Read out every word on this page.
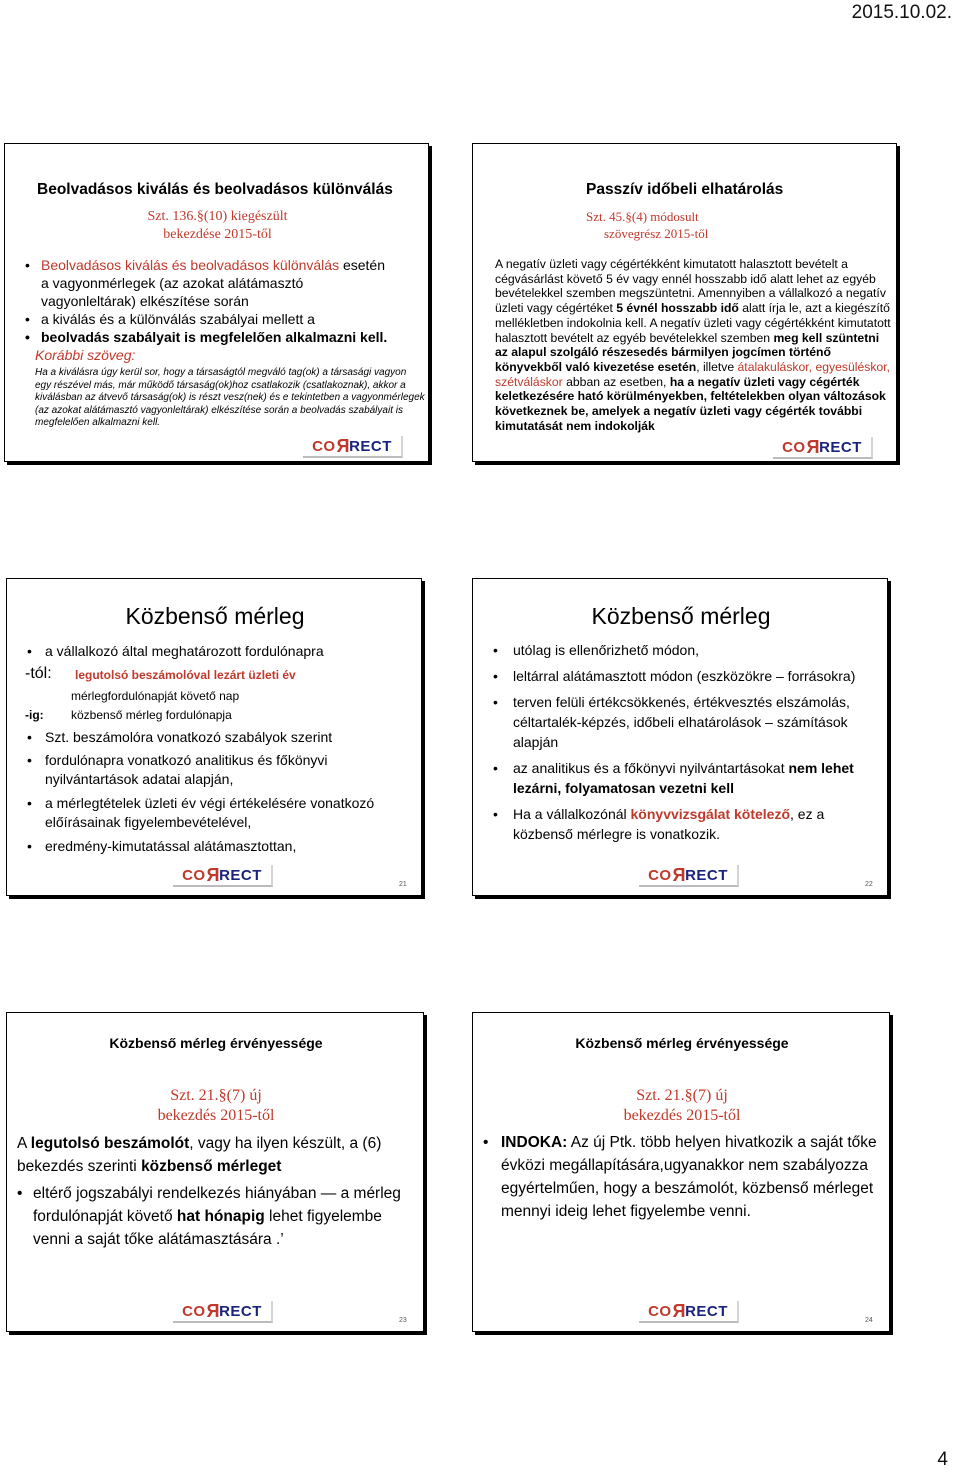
2015.10.02.
Beolvadásos kiválás és beolvadásos különválás
Szt. 136.§(10) kiegészült
bekezdése 2015-től
• Beolvadásos kiválás és beolvadásos különválás esetén
a vagyonmérlegek (az azokat alátámasztó
vagyonleltárak) elkészítése során
• a kiválás és a különválás szabályai mellett a
• beolvadás szabályait is megfelelően alkalmazni kell.
Korábbi szöveg:
Ha a kiválásra úgy kerül sor, hogy a társaságtól megváló tag(ok) a társasági vagyon egy részével más, már működő társaság(ok)hoz csatlakozik (csatlakoznak), akkor a kiválásban az átvevő társaság(ok) is részt vesz(nek) és e tekintetben a vagyonmérlegek (az azokat alátámasztó vagyonleltárak) elkészítése során a beolvadás szabályait is megfelelően alkalmazni kell.
CO R RECT
Passzív időbeli elhatárolás
Szt. 45.§(4) módosult
szövegrész 2015-től
A negatív üzleti vagy cégértékként kimutatott halasztott bevételt a cégvásárlást követő 5 év vagy ennél hosszabb idő alatt lehet az egyéb bevételekkel szemben megszüntetni. Amennyiben a vállalkozó a negatív üzleti vagy cégértéket 5 évnél hosszabb idő alatt írja le, azt a kiegészítő mellékletben indokolnia kell. A negatív üzleti vagy cégértékként kimutatott halasztott bevételt az egyéb bevételekkel szemben meg kell szüntetni az alapul szolgáló részesedés bármilyen jogcímen történő könyvekből való kivezetése esetén, illetve átalakuláskor, egyesüléskor, szétváláskor abban az esetben, ha a negatív üzleti vagy cégérték keletkezésére ható körülményekben, feltételekben olyan változások következnek be, amelyek a negatív üzleti vagy cégérték további kimutatását nem indokolják
CO R RECT
Közbenső mérleg
• a vállalkozó által meghatározott fordulónapra
-tól: legutolsó beszámolóval lezárt üzleti év
mérlegfordulónapját követő nap
-ig: közbenső mérleg fordulónapja
• Szt. beszámolóra vonatkozó szabályok szerint
• fordulónapra vonatkozó analitikus és főkönyvi nyilvántartások adatai alapján,
• a mérlegtételek üzleti év végi értékelésére vonatkozó előírásainak figyelembevételével,
• eredmény-kimutatással alátámasztottan,
CO R RECT
21
Közbenső mérleg
• utólag is ellenőrizhető módon,
• leltárral alátámasztott módon (eszközökre – forrásokra)
• terven felüli értékcsökkenés, értékvesztés elszámolás, céltartalék-képzés, időbeli elhatárolások – számítások alapján
• az analitikus és a főkönyvi nyilvántartásokat nem lehet lezárni, folyamatosan vezetni kell
• Ha a vállalkozónál könyvvizsgálat kötelező, ez a közbenső mérlegre is vonatkozik.
CO R RECT
22
Közbenső mérleg érvényessége
Szt. 21.§(7) új
bekezdés 2015-től
A legutolsó beszámolót, vagy ha ilyen készült, a (6) bekezdés szerinti közbenső mérleget
• eltérő jogszabályi rendelkezés hiányában — a mérleg fordulónapját követő hat hónapig lehet figyelembe venni a saját tőke alátámasztására .’
CO R RECT
23
Közbenső mérleg érvényessége
Szt. 21.§(7) új
bekezdés 2015-től
• INDOKA: Az új Ptk. több helyen hivatkozik a saját tőke évközi megállapítására,ugyanakkor nem szabályozza egyértelműen, hogy a beszámolót, közbenső mérleget mennyi ideig lehet figyelembe venni.
CO R RECT
24
4
